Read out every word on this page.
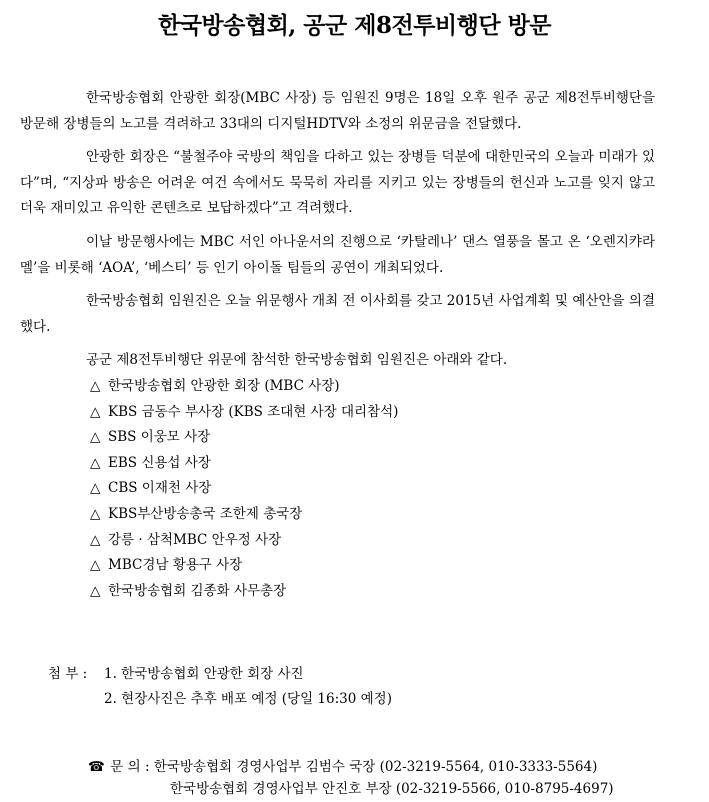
한국방송협회, 공군 제8전투비행단 방문

한국방송협회 안광한 회장(MBC 사장) 등 임원진 9명은 18일 오후 원주 공군 제8전투비행단을 방문해 장병들의 노고를 격려하고 33대의 디지털HDTV와 소정의 위문금을 전달했다.

안광한 회장은 “불철주야 국방의 책임을 다하고 있는 장병들 덕분에 대한민국의 오늘과 미래가 있다”며, “지상파 방송은 어려운 여건 속에서도 묵묵히 자리를 지키고 있는 장병들의 헌신과 노고를 잊지 않고 더욱 재미있고 유익한 콘텐츠로 보답하겠다”고 격려했다.

이날 방문행사에는 MBC 서인 아나운서의 진행으로 ‘카탈레나’ 댄스 열풍을 몰고 온 ‘오렌지캬라멜’을 비롯해 ‘AOA’, ‘베스티’ 등 인기 아이돌 팀들의 공연이 개최되었다.

한국방송협회 임원진은 오늘 위문행사 개최 전 이사회를 갖고 2015년 사업계획 및 예산안을 의결했다.

공군 제8전투비행단 위문에 참석한 한국방송협회 임원진은 아래와 같다.

△ 한국방송협회 안광한 회장 (MBC 사장)
△ KBS 금동수 부사장 (KBS 조대현 사장 대리참석)
△ SBS 이웅모 사장
△ EBS 신용섭 사장
△ CBS 이재천 사장
△ KBS부산방송총국 조한제 총국장
△ 강릉 · 삼척MBC 안우정 사장
△ MBC경남 황용구 사장
△ 한국방송협회 김종화 사무총장
첨 부 :	1. 한국방송협회 안광한 회장 사진
2. 현장사진은 추후 배포 예정 (당일 16:30 예정)
☎ 문 의 : 한국방송협회 경영사업부 김범수 국장 (02-3219-5564, 010-3333-5564)
한국방송협회 경영사업부 안진호 부장 (02-3219-5566, 010-8795-4697)
